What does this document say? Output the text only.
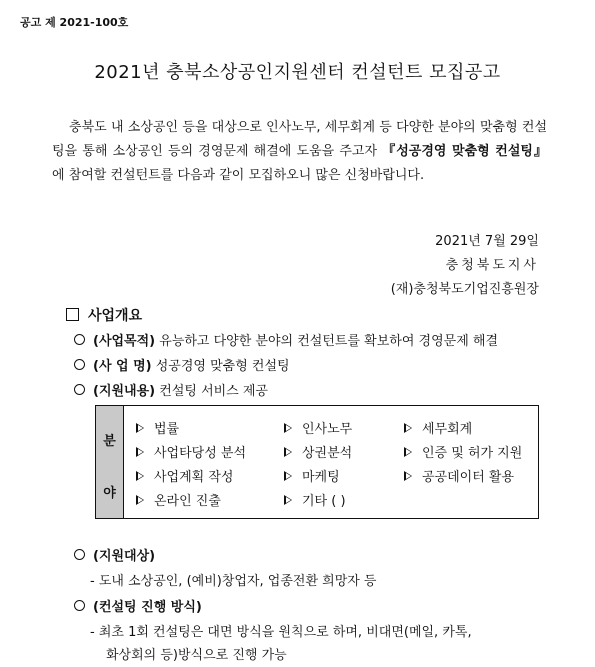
공고 제 2021-100호
2021년 충북소상공인지원센터 컨설턴트 모집공고
충북도 내 소상공인 등을 대상으로 인사노무, 세무회계 등 다양한 분야의 맞춤형 컨설팅을 통해 소상공인 등의 경영문제 해결에 도움을 주고자 『성공경영 맞춤형 컨설팅』 에 참여할 컨설턴트를 다음과 같이 모집하오니 많은 신청바랍니다.
2021년 7월 29일
충청북도지사
(재)충청북도기업진흥원장
사업개요
(사업목적) 유능하고 다양한 분야의 컨설턴트를 확보하여 경영문제 해결
(사 업 명) 성공경영 맞춤형 컨설팅
(지원내용) 컨설팅 서비스 제공
분
야
법률	인사노무	세무회계
사업타당성 분석	상권분석	인증 및 허가 지원
사업계획 작성	마케팅	공공데이터 활용
온라인 진출	기타 ( )
(지원대상)
- 도내 소상공인, (예비)창업자, 업종전환 희망자 등
(컨설팅 진행 방식)
- 최초 1회 컨설팅은 대면 방식을 원칙으로 하며, 비대면(메일, 카톡,
화상회의 등)방식으로 진행 가능
